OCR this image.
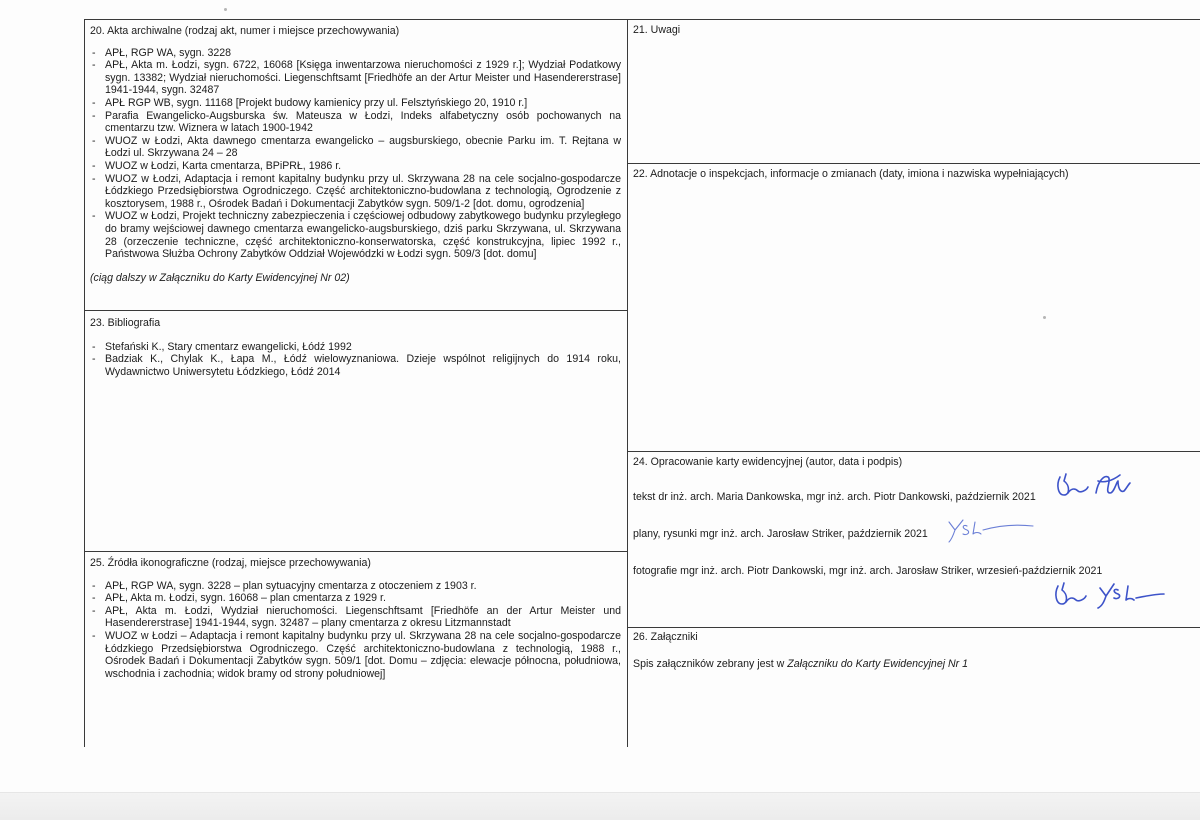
20. Akta archiwalne (rodzaj akt, numer i miejsce przechowywania)
- APŁ, RGP WA, sygn. 3228
- APŁ, Akta m. Łodzi, sygn. 6722, 16068 [Księga inwentarzowa nieruchomości z 1929 r.]; Wydział Podatkowy sygn. 13382; Wydział nieruchomości. Liegenschftsamt [Friedhöfe an der Artur Meister und Hasendererstrase] 1941-1944, sygn. 32487
- APŁ RGP WB, sygn. 11168 [Projekt budowy kamienicy przy ul. Felsztyńskiego 20, 1910 r.]
- Parafia Ewangelicko-Augsburska św. Mateusza w Łodzi, Indeks alfabetyczny osób pochowanych na cmentarzu tzw. Wiznera w latach 1900-1942
- WUOZ w Łodzi, Akta dawnego cmentarza ewangelicko – augsburskiego, obecnie Parku im. T. Rejtana w Łodzi ul. Skrzywana 24 – 28
- WUOZ w Łodzi, Karta cmentarza, BPiPRŁ, 1986 r.
- WUOZ w Łodzi, Adaptacja i remont kapitalny budynku przy ul. Skrzywana 28 na cele socjalno-gospodarcze Łódzkiego Przedsiębiorstwa Ogrodniczego. Część architektoniczno-budowlana z technologią, Ogrodzenie z kosztorysem, 1988 r., Ośrodek Badań i Dokumentacji Zabytków sygn. 509/1-2 [dot. domu, ogrodzenia]
- WUOZ w Łodzi, Projekt techniczny zabezpieczenia i częściowej odbudowy zabytkowego budynku przyległego do bramy wejściowej dawnego cmentarza ewangelicko-augsburskiego, dziś parku Skrzywana, ul. Skrzywana 28 (orzeczenie techniczne, część architektoniczno-konserwatorska, część konstrukcyjna, lipiec 1992 r., Państwowa Służba Ochrony Zabytków Oddział Wojewódzki w Łodzi sygn. 509/3 [dot. domu]
(ciąg dalszy w Załączniku do Karty Ewidencyjnej Nr 02)
21. Uwagi
22. Adnotacje o inspekcjach, informacje o zmianach (daty, imiona i nazwiska wypełniających)
23. Bibliografia
- Stefański K., Stary cmentarz ewangelicki, Łódź 1992
- Badziak K., Chylak K., Łapa M., Łódź wielowyznaniowa. Dzieje wspólnot religijnych do 1914 roku, Wydawnictwo Uniwersytetu Łódzkiego, Łódź 2014
24. Opracowanie karty ewidencyjnej (autor, data i podpis)
tekst dr inż. arch. Maria Dankowska, mgr inż. arch. Piotr Dankowski, październik 2021
plany, rysunki mgr inż. arch. Jarosław Striker, październik 2021
fotografie mgr inż. arch. Piotr Dankowski, mgr inż. arch. Jarosław Striker, wrzesień-październik 2021
25. Źródła ikonograficzne (rodzaj, miejsce przechowywania)
- APŁ, RGP WA, sygn. 3228 – plan sytuacyjny cmentarza z otoczeniem z 1903 r.
- APŁ, Akta m. Łodzi, sygn. 16068 – plan cmentarza z 1929 r.
- APŁ, Akta m. Łodzi, Wydział nieruchomości. Liegenschftsamt [Friedhöfe an der Artur Meister und Hasendererstrase] 1941-1944, sygn. 32487 – plany cmentarza z okresu Litzmannstadt
- WUOZ w Łodzi – Adaptacja i remont kapitalny budynku przy ul. Skrzywana 28 na cele socjalno-gospodarcze Łódzkiego Przedsiębiorstwa Ogrodniczego. Część architektoniczno-budowlana z technologią, 1988 r., Ośrodek Badań i Dokumentacji Zabytków sygn. 509/1 [dot. Domu – zdjęcia: elewacje północna, południowa, wschodnia i zachodnia; widok bramy od strony południowej]
26. Załączniki
Spis załączników zebrany jest w Załączniku do Karty Ewidencyjnej Nr 1
